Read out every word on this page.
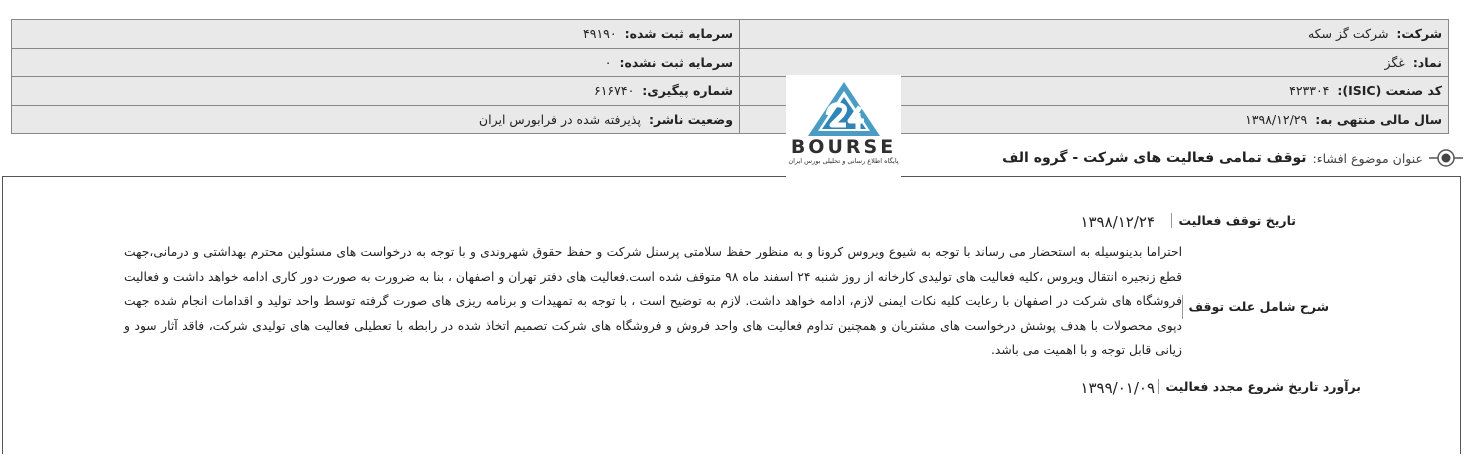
شرکت:شرکت گز سکه	سرمایه ثبت شده:۴۹۱۹۰
نماد:غگز	سرمایه ثبت نشده:۰
کد صنعت (ISIC):۴۲۳۳۰۴	شماره پیگیری:۶۱۶۷۴۰
سال مالی منتهی به:۱۳۹۸/۱۲/۲۹	وضعیت ناشر:پذیرفته شده در فرابورس ایران
BOURSE
پایگاه اطلاع رسانی و تحلیلی بورس ایران	عنوان موضوع افشاء:
توقف تمامی فعالیت های شرکت - گروه الف
تاریخ توقف فعالیت
۱۳۹۸/۱۲/۲۴
شرح شامل علت توقف
احتراما بدینوسیله به استحضار می رساند با توجه به شیوع ویروس کرونا و به منظور حفظ سلامتی پرسنل شرکت و حفظ حقوق شهروندی و با توجه به درخواست های مسئولین محترم بهداشتی و درمانی،جهت قطع زنجیره انتقال ویروس ،کلیه فعالیت های تولیدی کارخانه از روز شنبه ۲۴ اسفند ماه ۹۸ متوقف شده است.فعالیت های دفتر تهران و اصفهان ، بنا به ضرورت به صورت دور کاری ادامه خواهد داشت و فعالیت فروشگاه های شرکت در اصفهان با رعایت کلیه نکات ایمنی لازم، ادامه خواهد داشت. لازم به توضیح است ، با توجه به تمهیدات و برنامه ریزی های صورت گرفته توسط واحد تولید و اقدامات انجام شده جهت دپوی محصولات با هدف پوشش درخواست های مشتریان و همچنین تداوم فعالیت های واحد فروش و فروشگاه های شرکت تصمیم اتخاذ شده در رابطه با تعطیلی فعالیت های تولیدی شرکت، فاقد آثار سود و زیانی قابل توجه و با اهمیت می باشد.
برآورد تاریخ شروع مجدد فعالیت
۱۳۹۹/۰۱/۰۹
